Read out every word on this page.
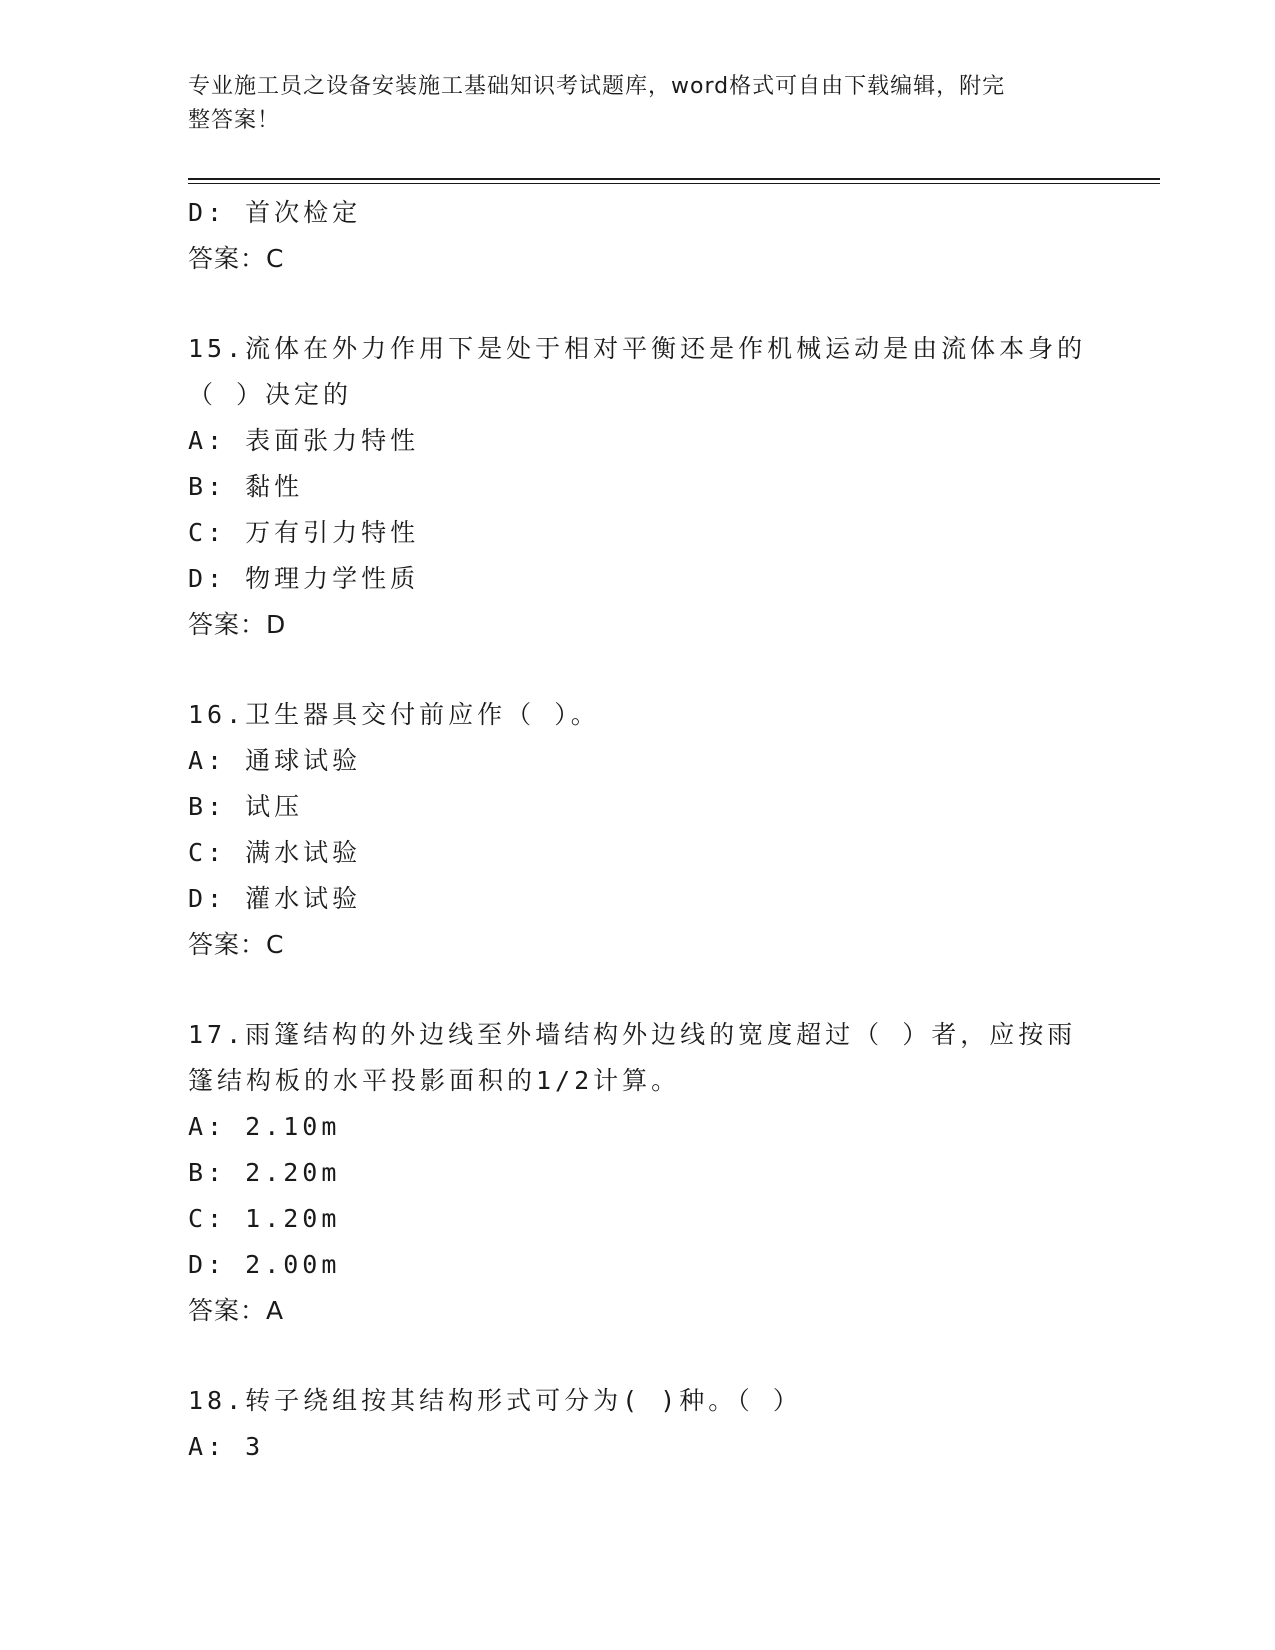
专业施工员之设备安装施工基础知识考试题库，word格式可自由下载编辑，附完
整答案！
D: 首次检定
答案：C
15.流体在外力作用下是处于相对平衡还是作机械运动是由流体本身的
（ ）决定的
A: 表面张力特性
B: 黏性
C: 万有引力特性
D: 物理力学性质
答案：D
16.卫生器具交付前应作（ ）。
A: 通球试验
B: 试压
C: 满水试验
D: 灌水试验
答案：C
17.雨篷结构的外边线至外墙结构外边线的宽度超过（ ）者，应按雨
篷结构板的水平投影面积的1/2计算。
A: 2.10m
B: 2.20m
C: 1.20m
D: 2.00m
答案：A
18.转子绕组按其结构形式可分为( )种。（ ）
A: 3
